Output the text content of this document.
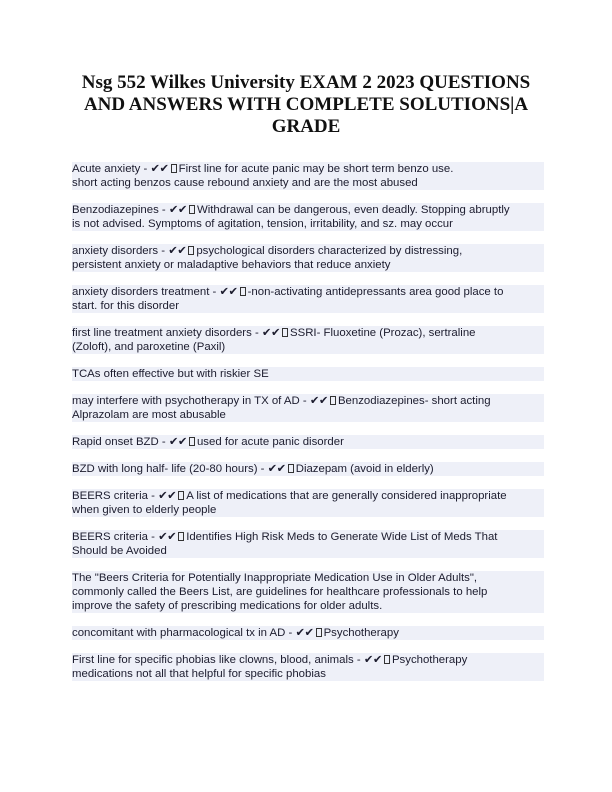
Nsg 552 Wilkes University EXAM 2 2023 QUESTIONS AND ANSWERS WITH COMPLETE SOLUTIONS|A GRADE
Acute anxiety - ✔✔ First line for acute panic may be short term benzo use.
short acting benzos cause rebound anxiety and are the most abused
Benzodiazepines - ✔✔ Withdrawal can be dangerous, even deadly. Stopping abruptly
is not advised. Symptoms of agitation, tension, irritability, and sz. may occur
anxiety disorders - ✔✔ psychological disorders characterized by distressing,
persistent anxiety or maladaptive behaviors that reduce anxiety
anxiety disorders treatment - ✔✔ -non-activating antidepressants area good place to
start. for this disorder
first line treatment anxiety disorders - ✔✔ SSRI- Fluoxetine (Prozac), sertraline
(Zoloft), and paroxetine (Paxil)
TCAs often effective but with riskier SE
may interfere with psychotherapy in TX of AD - ✔✔ Benzodiazepines- short acting
Alprazolam are most abusable
Rapid onset BZD - ✔✔ used for acute panic disorder
BZD with long half- life (20-80 hours) - ✔✔ Diazepam (avoid in elderly)
BEERS criteria - ✔✔ A list of medications that are generally considered inappropriate
when given to elderly people
BEERS criteria - ✔✔ Identifies High Risk Meds to Generate Wide List of Meds That
Should be Avoided
The "Beers Criteria for Potentially Inappropriate Medication Use in Older Adults",
commonly called the Beers List, are guidelines for healthcare professionals to help
improve the safety of prescribing medications for older adults.
concomitant with pharmacological tx in AD - ✔✔ Psychotherapy
First line for specific phobias like clowns, blood, animals - ✔✔ Psychotherapy
medications not all that helpful for specific phobias
